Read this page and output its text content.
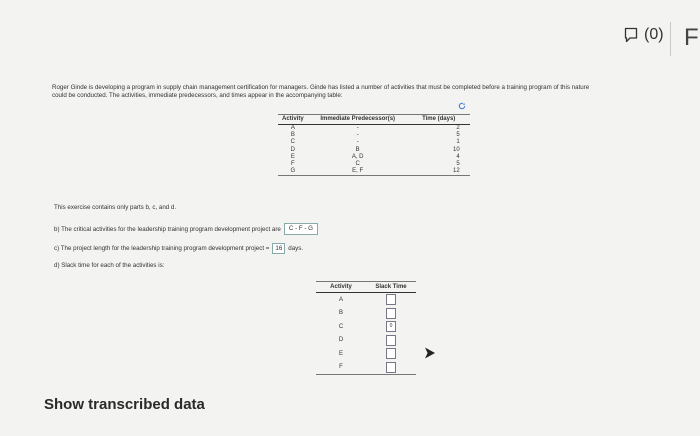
(0) F
Roger Ginde is developing a program in supply chain management certification for managers. Ginde has listed a number of activities that must be completed before a training program of this nature
could be conducted. The activities, immediate predecessors, and times appear in the accompanying table:
Activity	Immediate Predecessor(s)	Time (days)
A	-	2
B	-	5
C	-	1
D	B	10
E	A, D	4
F	C	5
G	E, F	12
This exercise contains only parts b, c, and d.
b) The critical activities for the leadership training program development project are	C - F - G
c) The project length for the leadership training program development project = 16 days.
d) Slack time for each of the activities is:
Activity	Slack Time
A	
B	
C	0
D	
E	
F	
Show transcribed data
